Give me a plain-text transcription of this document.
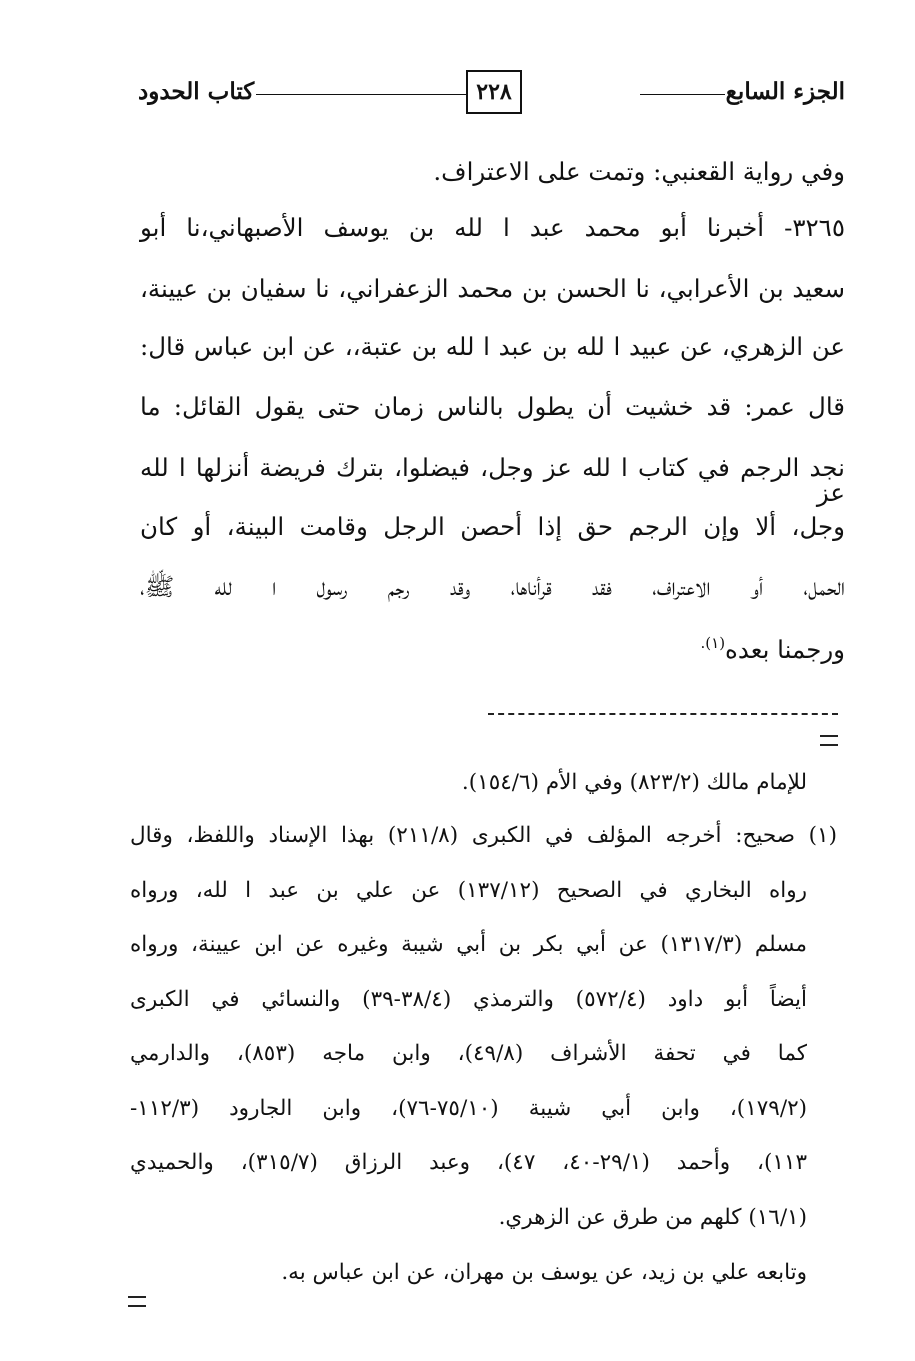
الجزء السابع
٢٢٨
كتاب الحدود
وفي رواية القعنبي: وتمت على الاعتراف.
٣٢٦٥- أخبرنا أبو محمد عبد ا لله بن يوسف الأصبهاني،نا أبو
سعيد بن الأعرابي، نا الحسن بن محمد الزعفراني، نا سفيان بن عيينة،
عن الزهري، عن عبيد ا لله بن عبد ا لله بن عتبة،، عن ابن عباس قال:
قال عمر: قد خشيت أن يطول بالناس زمان حتى يقول القائل: ما
نجد الرجم في كتاب ا لله عز وجل، فيضلوا، بترك فريضة أنزلها ا لله عز
وجل، ألا وإن الرجم حق إذا أحصن الرجل وقامت البينة، أو كان
الحمل، أو الاعتراف، فقد قرأناها، وقد رجم رسول ا لله ﷺ،
ورجمنا بعده$^{(١).}$
للإمام مالك (٨٢٣/٢) وفي الأم (١٥٤/٦).
(١) صحيح: أخرجه المؤلف في الكبرى (٢١١/٨) بهذا الإسناد واللفظ، وقال
رواه البخاري في الصحيح (١٣٧/١٢) عن علي بن عبد ا لله، ورواه
مسلم (١٣١٧/٣) عن أبي بكر بن أبي شيبة وغيره عن ابن عيينة، ورواه
أيضاً أبو داود (٥٧٢/٤) والترمذي (٣٨/٤-٣٩) والنسائي في الكبرى
كما في تحفة الأشراف (٤٩/٨)، وابن ماجه (٨٥٣)، والدارمي
(١٧٩/٢)، وابن أبي شيبة (٧٥/١٠-٧٦)، وابن الجارود (١١٢/٣-
١١٣)، وأحمد (٢٩/١-٤٠، ٤٧)، وعبد الرزاق (٣١٥/٧)، والحميدي
(١٦/١) كلهم من طرق عن الزهري.
وتابعه علي بن زيد، عن يوسف بن مهران، عن ابن عباس به.
